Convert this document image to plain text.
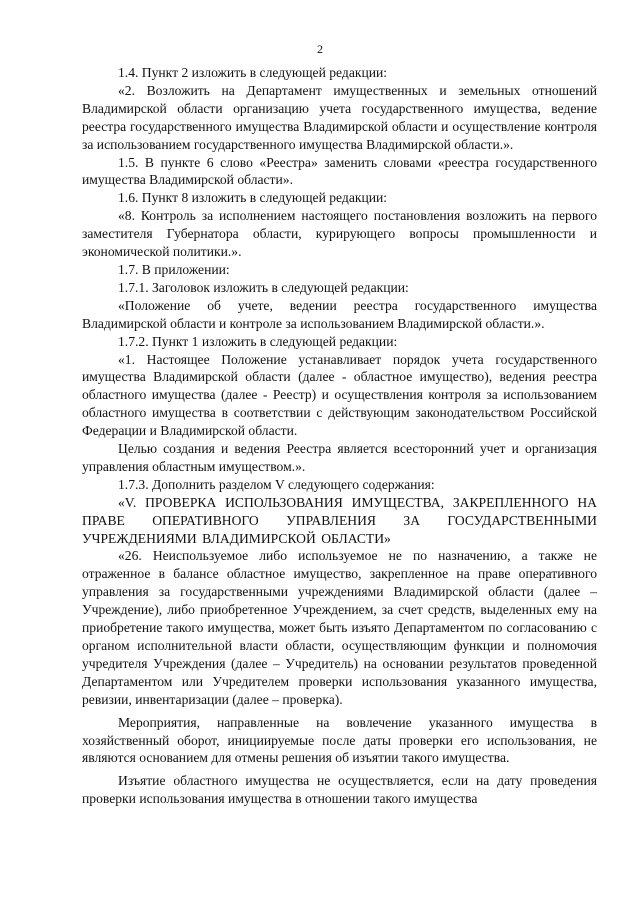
2

1.4. Пункт 2 изложить в следующей редакции:

«2. Возложить на Департамент имущественных и земельных отношений Владимирской области организацию учета государственного имущества, ведение реестра государственного имущества Владимирской области и осуществление контроля за использованием государственного имущества Владимирской области.».

1.5. В пункте 6 слово «Реестра» заменить словами «реестра государственного имущества Владимирской области».

1.6. Пункт 8 изложить в следующей редакции:

«8. Контроль за исполнением настоящего постановления возложить на первого заместителя Губернатора области, курирующего вопросы промышленности и экономической политики.».

1.7. В приложении:

1.7.1. Заголовок изложить в следующей редакции:

«Положение об учете, ведении реестра государственного имущества Владимирской области и контроле за использованием Владимирской области.».

1.7.2. Пункт 1 изложить в следующей редакции:

«1. Настоящее Положение устанавливает порядок учета государственного имущества Владимирской области (далее - областное имущество), ведения реестра областного имущества (далее - Реестр) и осуществления контроля за использованием областного имущества в соответствии с действующим законодательством Российской Федерации и Владимирской области.

Целью создания и ведения Реестра является всесторонний учет и организация управления областным имуществом.».

1.7.3. Дополнить разделом V следующего содержания:

«V. ПРОВЕРКА ИСПОЛЬЗОВАНИЯ ИМУЩЕСТВА, ЗАКРЕПЛЕННОГО НА ПРАВЕ ОПЕРАТИВНОГО УПРАВЛЕНИЯ ЗА ГОСУДАРСТВЕННЫМИ УЧРЕЖДЕНИЯМИ ВЛАДИМИРСКОЙ ОБЛАСТИ»

«26. Неиспользуемое либо используемое не по назначению, а также не отраженное в балансе областное имущество, закрепленное на праве оперативного управления за государственными учреждениями Владимирской области (далее – Учреждение), либо приобретенное Учреждением, за счет средств, выделенных ему на приобретение такого имущества, может быть изъято Департаментом по согласованию с органом исполнительной власти области, осуществляющим функции и полномочия учредителя Учреждения (далее – Учредитель) на основании результатов проведенной Департаментом или Учредителем проверки использования указанного имущества, ревизии, инвентаризации (далее – проверка).

Мероприятия, направленные на вовлечение указанного имущества в хозяйственный оборот, инициируемые после даты проверки его использования, не являются основанием для отмены решения об изъятии такого имущества.

Изъятие областного имущества не осуществляется, если на дату проведения проверки использования имущества в отношении такого имущества
